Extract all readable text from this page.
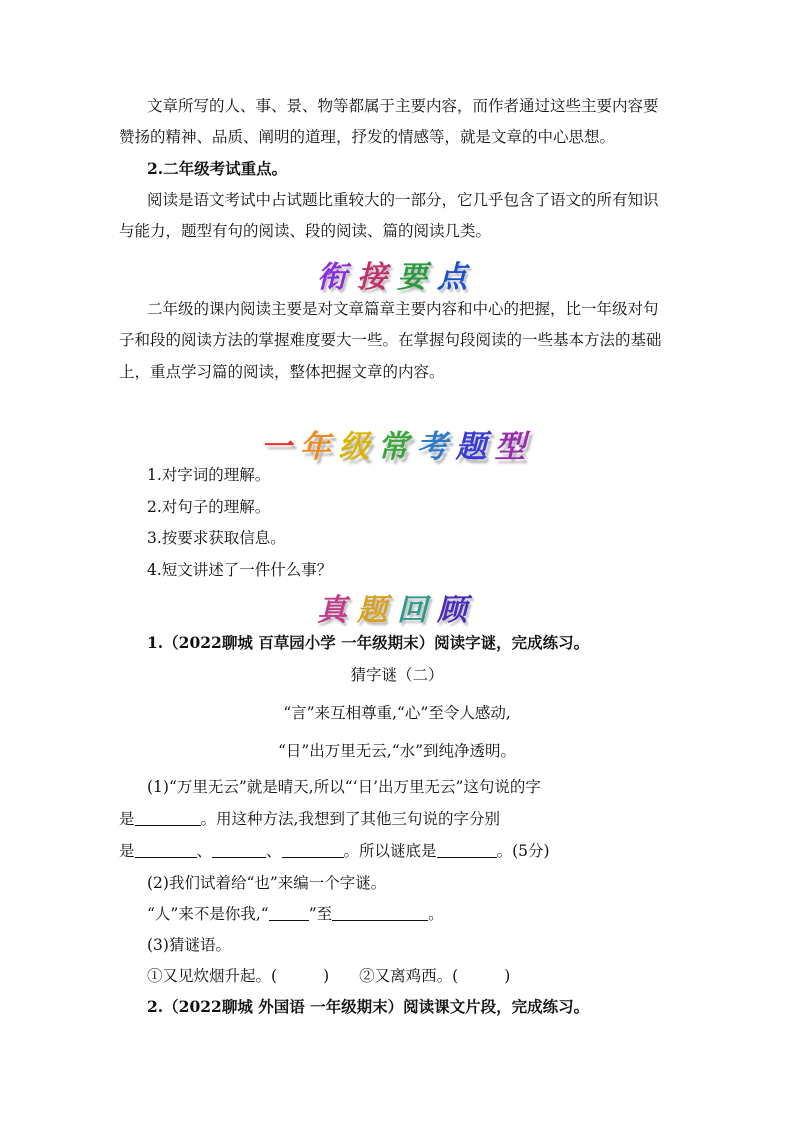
文章所写的人、事、景、物等都属于主要内容，而作者通过这些主要内容要
赞扬的精神、品质、阐明的道理，抒发的情感等，就是文章的中心思想。
2.二年级考试重点。
阅读是语文考试中占试题比重较大的一部分，它几乎包含了语文的所有知识
与能力，题型有句的阅读、段的阅读、篇的阅读几类。
衔接要点
二年级的课内阅读主要是对文章篇章主要内容和中心的把握，比一年级对句
子和段的阅读方法的掌握难度要大一些。在掌握句段阅读的一些基本方法的基础
上，重点学习篇的阅读，整体把握文章的内容。
一年级常考题型
1.对字词的理解。
2.对句子的理解。
3.按要求获取信息。
4.短文讲述了一件什么事？
真题回顾
1.（2022聊城 百草园小学 一年级期末）阅读字谜，完成练习。
猜字谜（二）
“言”来互相尊重,“心”至令人感动,
“日”出万里无云,“水”到纯净透明。
(1)“万里无云”就是晴天,所以“‘日’出万里无云”这句说的字
是	。用这种方法,我想到了其他三句说的字分别
是	、	、	。所以谜底是	。(5分)
(2)我们试着给“也”来编一个字谜。
“人”来不是你我,“	”至	。
(3)猜谜语。
①又见炊烟升起。(	) ②又离鸡西。(	)
2.（2022聊城 外国语 一年级期末）阅读课文片段，完成练习。
